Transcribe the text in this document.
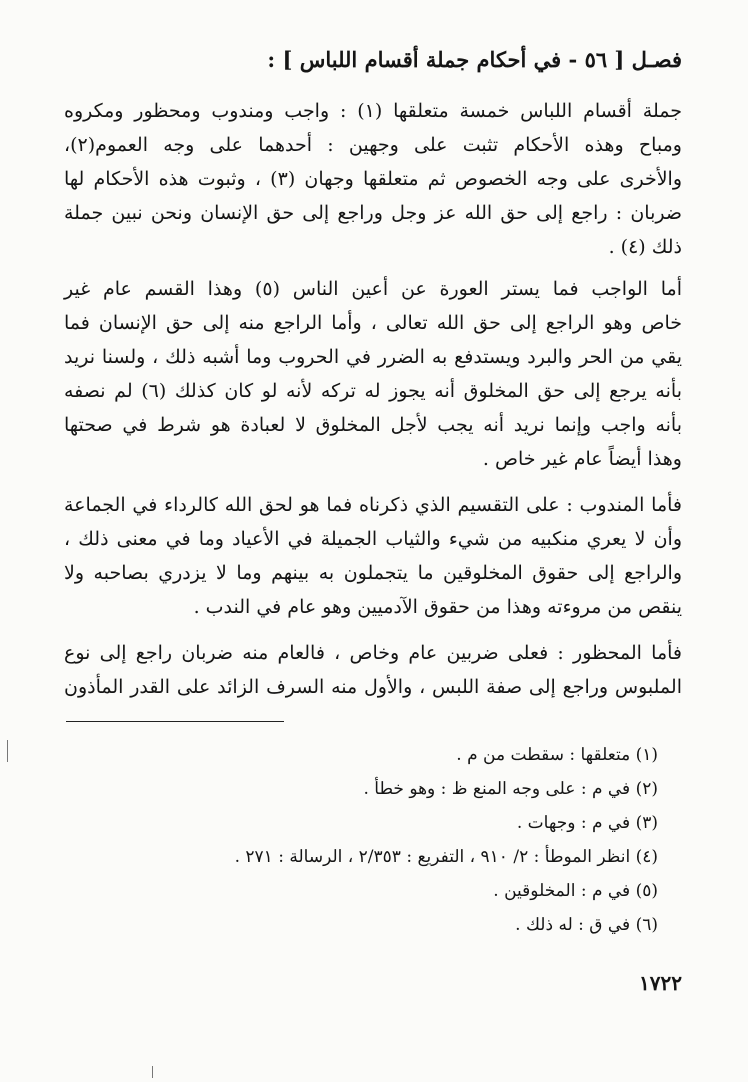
فصـل [ ٥٦ - في أحكام جملة أقسام اللباس ] :
جملة أقسام اللباس خمسة متعلقها (١) : واجب ومندوب ومحظور ومكروه
ومباح وهذه الأحكام تثبت على وجهين : أحدهما على وجه العموم(٢)،
والأخرى على وجه الخصوص ثم متعلقها وجهان (٣) ، وثبوت هذه الأحكام لها
ضربان : راجع إلى حق الله عز وجل وراجع إلى حق الإنسان ونحن نبين جملة
ذلك (٤) .
أما الواجب فما يستر العورة عن أعين الناس (٥) وهذا القسم عام غير
خاص وهو الراجع إلى حق الله تعالى ، وأما الراجع منه إلى حق الإنسان فما
يقي من الحر والبرد ويستدفع به الضرر في الحروب وما أشبه ذلك ، ولسنا نريد
بأنه يرجع إلى حق المخلوق أنه يجوز له تركه لأنه لو كان كذلك (٦) لم نصفه
بأنه واجب وإنما نريد أنه يجب لأجل المخلوق لا لعبادة هو شرط في صحتها
وهذا أيضاً عام غير خاص .
فأما المندوب : على التقسيم الذي ذكرناه فما هو لحق الله كالرداء في الجماعة
وأن لا يعري منكبيه من شيء والثياب الجميلة في الأعياد وما في معنى ذلك ،
والراجع إلى حقوق المخلوقين ما يتجملون به بينهم وما لا يزدري بصاحبه ولا
ينقص من مروءته وهذا من حقوق الآدميين وهو عام في الندب .
فأما المحظور : فعلى ضربين عام وخاص ، فالعام منه ضربان راجع إلى نوع
الملبوس وراجع إلى صفة اللبس ، والأول منه السرف الزائد على القدر المأذون
(١) متعلقها : سقطت من م .
(٢) في م : على وجه المنع ظ : وهو خطأ .
(٣) في م : وجهات .
(٤) انظر الموطأ : ٢/ ٩١٠ ، التفريع : ٢/٣٥٣ ، الرسالة : ٢٧١ .
(٥) في م : المخلوقين .
(٦) في ق : له ذلك .
١٧٢٢
